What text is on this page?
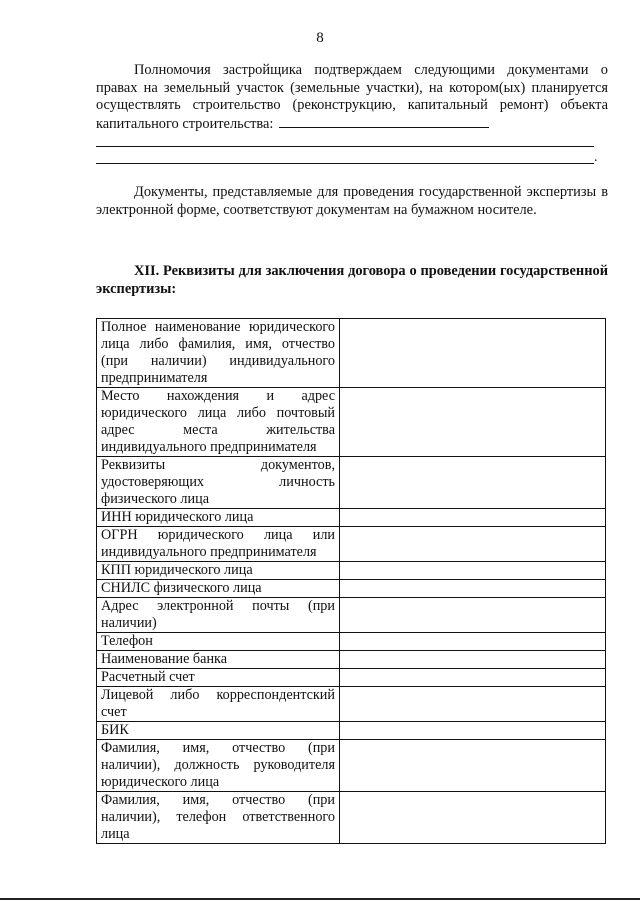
8
Полномочия застройщика подтверждаем следующими документами о правах на земельный участок (земельные участки), на котором(ых) планируется осуществлять строительство (реконструкцию, капитальный ремонт) объекта капитального строительства:
.
Документы, представляемые для проведения государственной экспертизы в электронной форме, соответствуют документам на бумажном носителе.
XII. Реквизиты для заключения договора о проведении государственной экспертизы:
Полное наименование юридического лица либо фамилия, имя, отчество (при наличии) индивидуального предпринимателя	
Место нахождения и адрес юридического лица либо почтовый адрес места жительства индивидуального предпринимателя	
Реквизиты документов, удостоверяющих личность физического лица	
ИНН юридического лица	
ОГРН юридического лица или индивидуального предпринимателя	
КПП юридического лица	
СНИЛС физического лица	
Адрес электронной почты (при наличии)	
Телефон	
Наименование банка	
Расчетный счет	
Лицевой либо корреспондентский счет	
БИК	
Фамилия, имя, отчество (при наличии), должность руководителя юридического лица	
Фамилия, имя, отчество (при наличии), телефон ответственного лица	
